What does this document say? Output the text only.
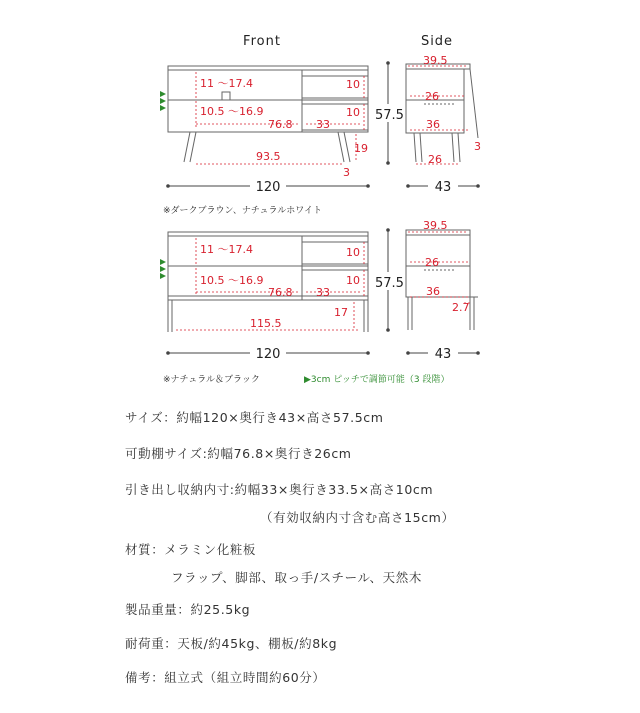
Front	Side
11 〜17.4
10.5 〜16.9
76.8 33
10
10
93.5
19
3
57.5
120	43
39.5
26
36
3
26
※ダークブラウン、ナチュラルホワイト
11 〜17.4
10.5 〜16.9
76.8 33
10
10
17
115.5
57.5
120	43
39.5
26
36
2.7
※ナチュラル＆ブラック	▶3cm ピッチで調節可能（3 段階）
サイズ：約幅120×奥行き43×高さ57.5cm
可動棚サイズ:約幅76.8×奥行き26cm
引き出し収納内寸:約幅33×奥行き33.5×高さ10cm
（有効収納内寸含む高さ15cm）
材質：メラミン化粧板
フラップ、脚部、取っ手/スチール、天然木
製品重量：約25.5kg
耐荷重：天板/約45kg、棚板/約8kg
備考：組立式（組立時間約60分）
